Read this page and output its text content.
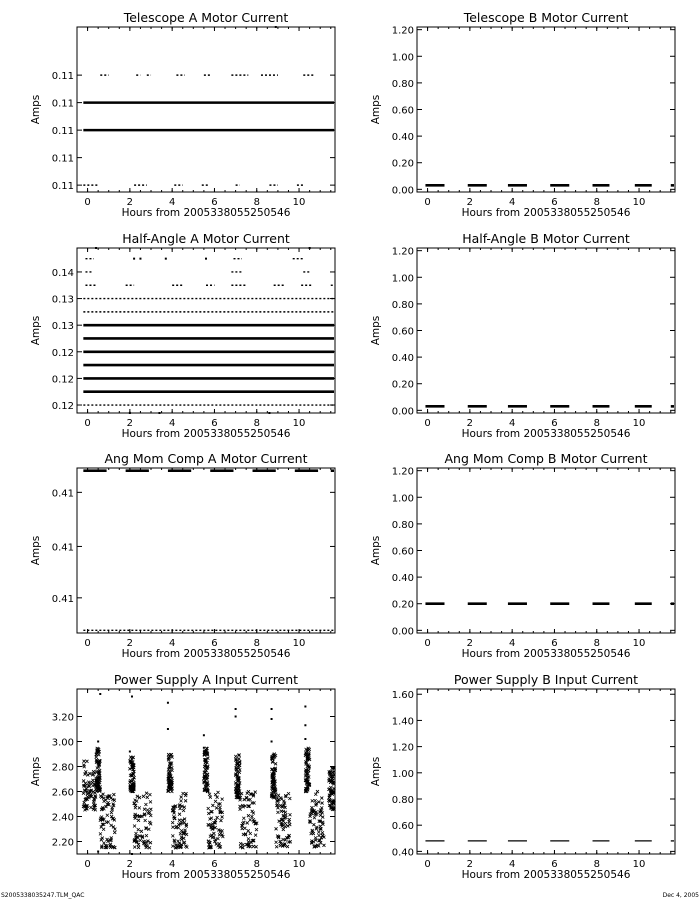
S2005338035247.TLM_QAC	Dec 4, 2005
Telescope A Motor Current
0	2	4	6	8	10
0.11
0.11
0.11
0.11
0.11
Hours from 2005338055250546
Amps
Telescope B Motor Current
0	2	4	6	8	10
0.00
0.20
0.40
0.60
0.80
1.00
1.20
Hours from 2005338055250546
Amps
Half-Angle A Motor Current
0	2	4	6	8	10
0.12
0.12
0.12
0.13
0.13
0.14
Hours from 2005338055250546
Amps
Half-Angle B Motor Current
0	2	4	6	8	10
0.00
0.20
0.40
0.60
0.80
1.00
1.20
Hours from 2005338055250546
Amps
Ang Mom Comp A Motor Current
0	2	4	6	8	10
0.41
0.41
0.41
Hours from 2005338055250546
Amps
Ang Mom Comp B Motor Current
0	2	4	6	8	10
0.00
0.20
0.40
0.60
0.80
1.00
1.20
Hours from 2005338055250546
Amps
Power Supply A Input Current
0	2	4	6	8	10
2.20
2.40
2.60
2.80
3.00
3.20
Hours from 2005338055250546
Amps
Power Supply B Input Current
0	2	4	6	8	10
0.40
0.60
0.80
1.00
1.20
1.40
1.60
Hours from 2005338055250546
Amps
